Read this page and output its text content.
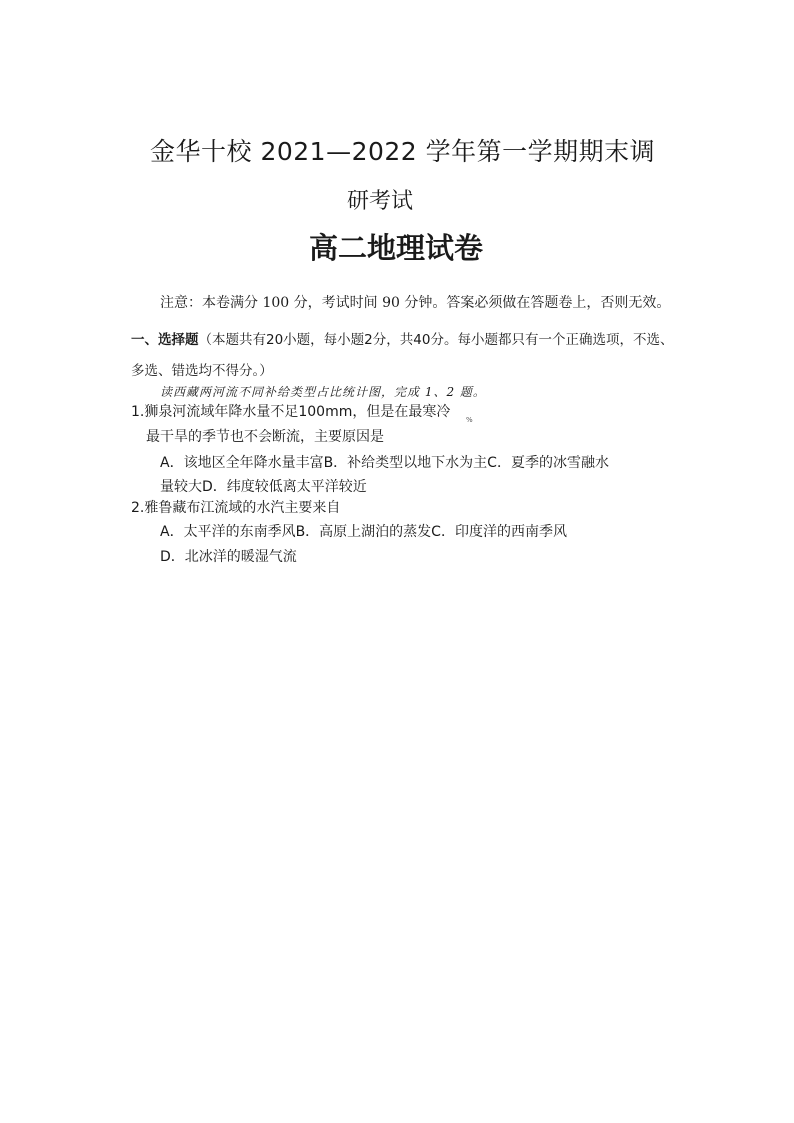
金华十校 2021—2022 学年第一学期期末调
研考试
高二地理试卷
注意：本卷满分 100 分，考试时间 90 分钟。答案必须做在答题卷上，否则无效。
一、选择题（本题共有20小题，每小题2分，共40分。每小题都只有一个正确选项，不选、
多选、错选均不得分。）
读西藏两河流不同补给类型占比统计图，完成 1、2 题。
1.狮泉河流域年降水量不足100mm，但是在最寒冷 %
最干旱的季节也不会断流，主要原因是
A．该地区全年降水量丰富B．补给类型以地下水为主C．夏季的冰雪融水
量较大D．纬度较低离太平洋较近
2.雅鲁藏布江流域的水汽主要来自
A．太平洋的东南季风B．高原上湖泊的蒸发C．印度洋的西南季风
D．北冰洋的暖湿气流
